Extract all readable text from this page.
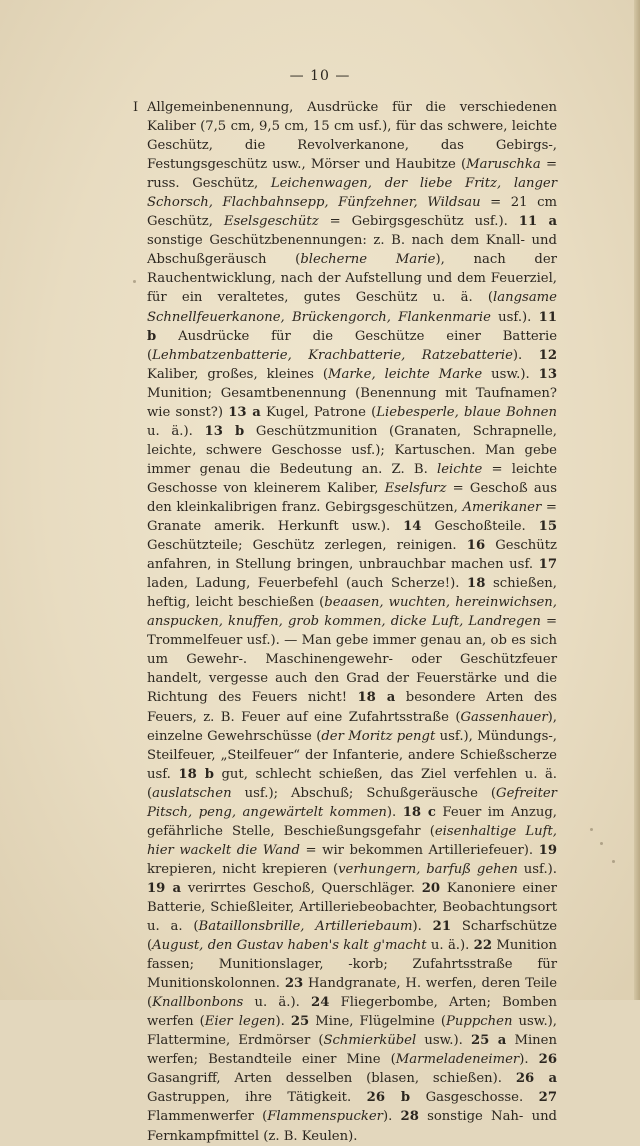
— 10 —
I Allgemeinbenennung, Ausdrücke für die verschiedenen Kaliber (7,5 cm, 9,5 cm, 15 cm usf.), für das schwere, leichte Geschütz, die Revolverkanone, das Gebirgs-, Festungsgeschütz usw., Mörser und Haubitze (Maruschka = russ. Geschütz, Leichenwagen, der liebe Fritz, langer Schorsch, Flachbahnsepp, Fünfzehner, Wildsau = 21 cm Geschütz, Eselsgeschütz = Gebirgsgeschütz usf.). 11 a sonstige Geschützbenennungen: z. B. nach dem Knall- und Abschußgeräusch (blecherne Marie), nach der Rauchentwicklung, nach der Aufstellung und dem Feuerziel, für ein veraltetes, gutes Geschütz u. ä. (langsame Schnellfeuerkanone, Brückengorch, Flankenmarie usf.). 11 b Ausdrücke für die Geschütze einer Batterie (Lehmbatzenbatterie, Krachbatterie, Ratzebatterie). 12 Kaliber, großes, kleines (Marke, leichte Marke usw.). 13 Munition; Gesamtbenennung (Benennung mit Taufnamen? wie sonst?) 13 a Kugel, Patrone (Liebesperle, blaue Bohnen u. ä.). 13 b Geschützmunition (Granaten, Schrapnelle, leichte, schwere Geschosse usf.); Kartuschen. Man gebe immer genau die Bedeutung an. Z. B. leichte = leichte Geschosse von kleinerem Kaliber, Eselsfurz = Geschoß aus den kleinkalibrigen franz. Gebirgsgeschützen, Amerikaner = Granate amerik. Herkunft usw.). 14 Geschoßteile. 15 Geschützteile; Geschütz zerlegen, reinigen. 16 Geschütz anfahren, in Stellung bringen, unbrauchbar machen usf. 17 laden, Ladung, Feuerbefehl (auch Scherze!). 18 schießen, heftig, leicht beschießen (beaasen, wuchten, hereinwichsen, anspucken, knuffen, grob kommen, dicke Luft, Landregen = Trommelfeuer usf.). — Man gebe immer genau an, ob es sich um Gewehr-. Maschinengewehr- oder Geschützfeuer handelt, vergesse auch den Grad der Feuerstärke und die Richtung des Feuers nicht! 18 a besondere Arten des Feuers, z. B. Feuer auf eine Zufahrtsstraße (Gassenhauer), einzelne Gewehrschüsse (der Moritz pengt usf.), Mündungs-, Steilfeuer, „Steilfeuer“ der Infanterie, andere Schießscherze usf. 18 b gut, schlecht schießen, das Ziel verfehlen u. ä. (auslatschen usf.); Abschuß; Schußgeräusche (Gefreiter Pitsch, peng, angewärtelt kommen). 18 c Feuer im Anzug, gefährliche Stelle, Beschießungsgefahr (eisenhaltige Luft, hier wackelt die Wand = wir bekommen Artilleriefeuer). 19 krepieren, nicht krepieren (verhungern, barfuß gehen usf.). 19 a verirrtes Geschoß, Querschläger. 20 Kanoniere einer Batterie, Schießleiter, Artilleriebeobachter, Beobachtungsort u. a. (Bataillonsbrille, Artilleriebaum). 21 Scharfschütze (August, den Gustav haben's kalt g'macht u. ä.). 22 Munition fassen; Munitionslager, -korb; Zufahrtsstraße für Munitionskolonnen. 23 Handgranate, H. werfen, deren Teile (Knallbonbons u. ä.). 24 Fliegerbombe, Arten; Bomben werfen (Eier legen). 25 Mine, Flügelmine (Puppchen usw.), Flattermine, Erdmörser (Schmierkübel usw.). 25 a Minen werfen; Bestandteile einer Mine (Marmeladeneimer). 26 Gasangriff, Arten desselben (blasen, schießen). 26 a Gastruppen, ihre Tätigkeit. 26 b Gasgeschosse. 27 Flammenwerfer (Flammenspucker). 28 sonstige Nah- und Fernkampfmittel (z. B. Keulen).
